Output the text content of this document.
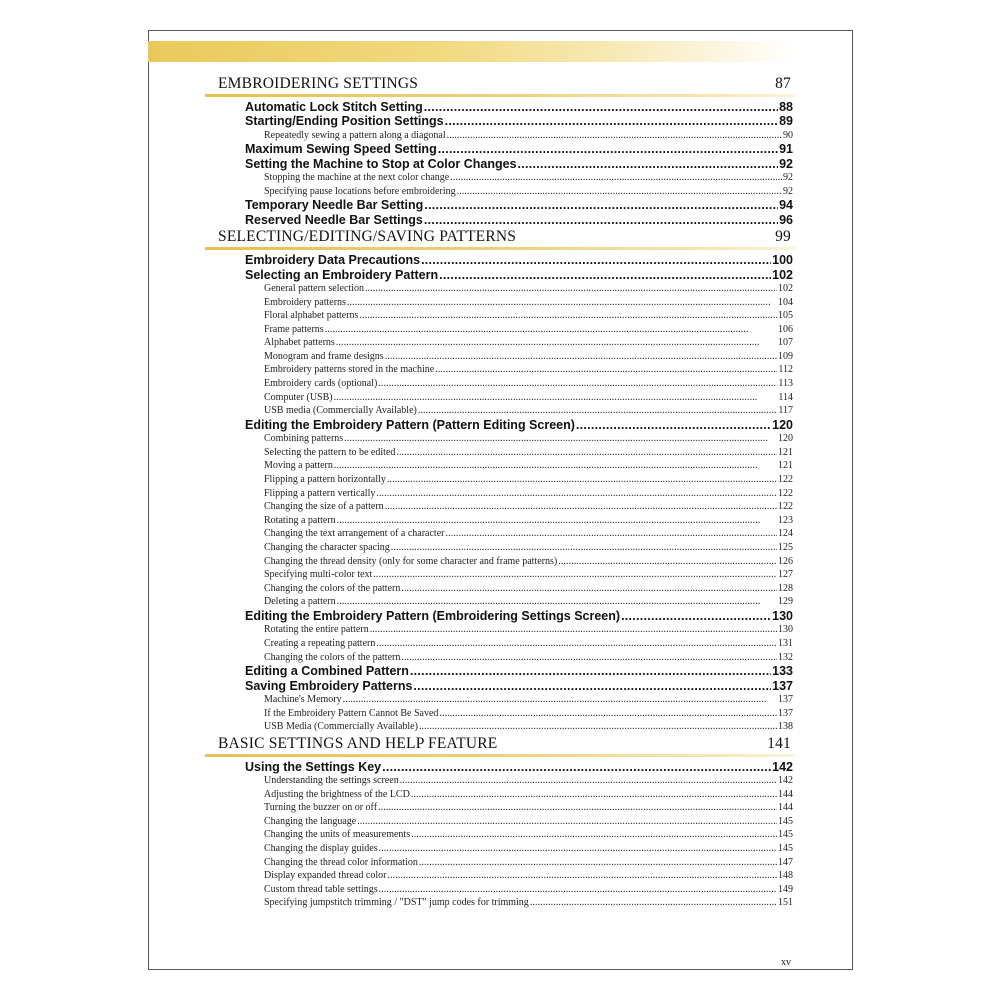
EMBROIDERING SETTINGS	87
Automatic Lock Stitch Setting . . .	88
Starting/Ending Position Settings . . .	89
Repeatedly sewing a pattern along a diagonal . . .	90
Maximum Sewing Speed Setting . . .	91
Setting the Machine to Stop at Color Changes . . .	92
Stopping the machine at the next color change . . .	92
Specifying pause locations before embroidering . . .	92
Temporary Needle Bar Setting . . .	94
Reserved Needle Bar Settings . . .	96
SELECTING/EDITING/SAVING PATTERNS	99
Embroidery Data Precautions . . .	100
Selecting an Embroidery Pattern . . .	102
General pattern selection . . .	102
Embroidery patterns . . .	104
Floral alphabet patterns . . .	105
Frame patterns . . .	106
Alphabet patterns . . .	107
Monogram and frame designs . . .	109
Embroidery patterns stored in the machine . . .	112
Embroidery cards (optional) . . .	113
Computer (USB) . . .	114
USB media (Commercially Available) . . .	117
Editing the Embroidery Pattern (Pattern Editing Screen) . . .	120
Combining patterns . . .	120
Selecting the pattern to be edited . . .	121
Moving a pattern . . .	121
Flipping a pattern horizontally . . .	122
Flipping a pattern vertically . . .	122
Changing the size of a pattern . . .	122
Rotating a pattern . . .	123
Changing the text arrangement of a character . . .	124
Changing the character spacing . . .	125
Changing the thread density (only for some character and frame patterns) . . .	126
Specifying multi-color text . . .	127
Changing the colors of the pattern . . .	128
Deleting a pattern . . .	129
Editing the Embroidery Pattern (Embroidering Settings Screen) . . .	130
Rotating the entire pattern . . .	130
Creating a repeating pattern . . .	131
Changing the colors of the pattern . . .	132
Editing a Combined Pattern . . .	133
Saving Embroidery Patterns . . .	137
Machine's Memory . . .	137
If the Embroidery Pattern Cannot Be Saved . . .	137
USB Media (Commercially Available) . . .	138
BASIC SETTINGS AND HELP FEATURE	141
Using the Settings Key . . .	142
Understanding the settings screen . . .	142
Adjusting the brightness of the LCD . . .	144
Turning the buzzer on or off . . .	144
Changing the language . . .	145
Changing the units of measurements . . .	145
Changing the display guides . . .	145
Changing the thread color information . . .	147
Display expanded thread color . . .	148
Custom thread table settings . . .	149
Specifying jumpstitch trimming / "DST" jump codes for trimming . . .	151
xv
